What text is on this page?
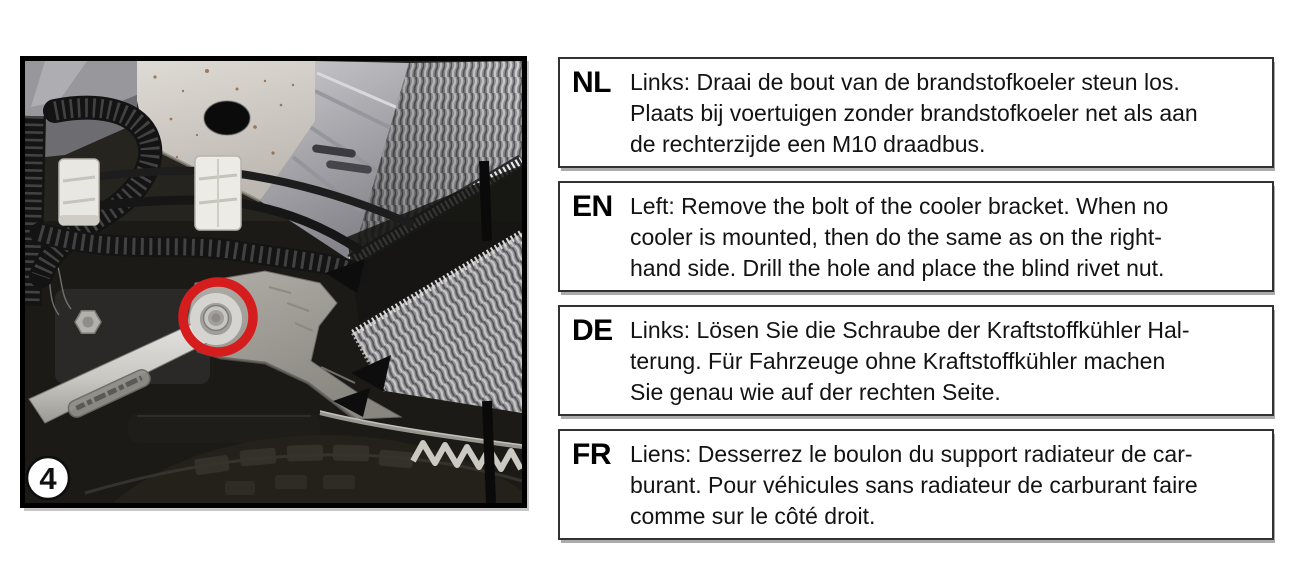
4
NL Links: Draai de bout van de brandstofkoeler steun los.
Plaats bij voertuigen zonder brandstofkoeler net als aan
de rechterzijde een M10 draadbus.
EN Left: Remove the bolt of the cooler bracket. When no
cooler is mounted, then do the same as on the right-
hand side. Drill the hole and place the blind rivet nut.
DE Links: Lösen Sie die Schraube der Kraftstoffkühler Hal-
terung. Für Fahrzeuge ohne Kraftstoffkühler machen
Sie genau wie auf der rechten Seite.
FR Liens: Desserrez le boulon du support radiateur de car-
burant. Pour véhicules sans radiateur de carburant faire
comme sur le côté droit.
